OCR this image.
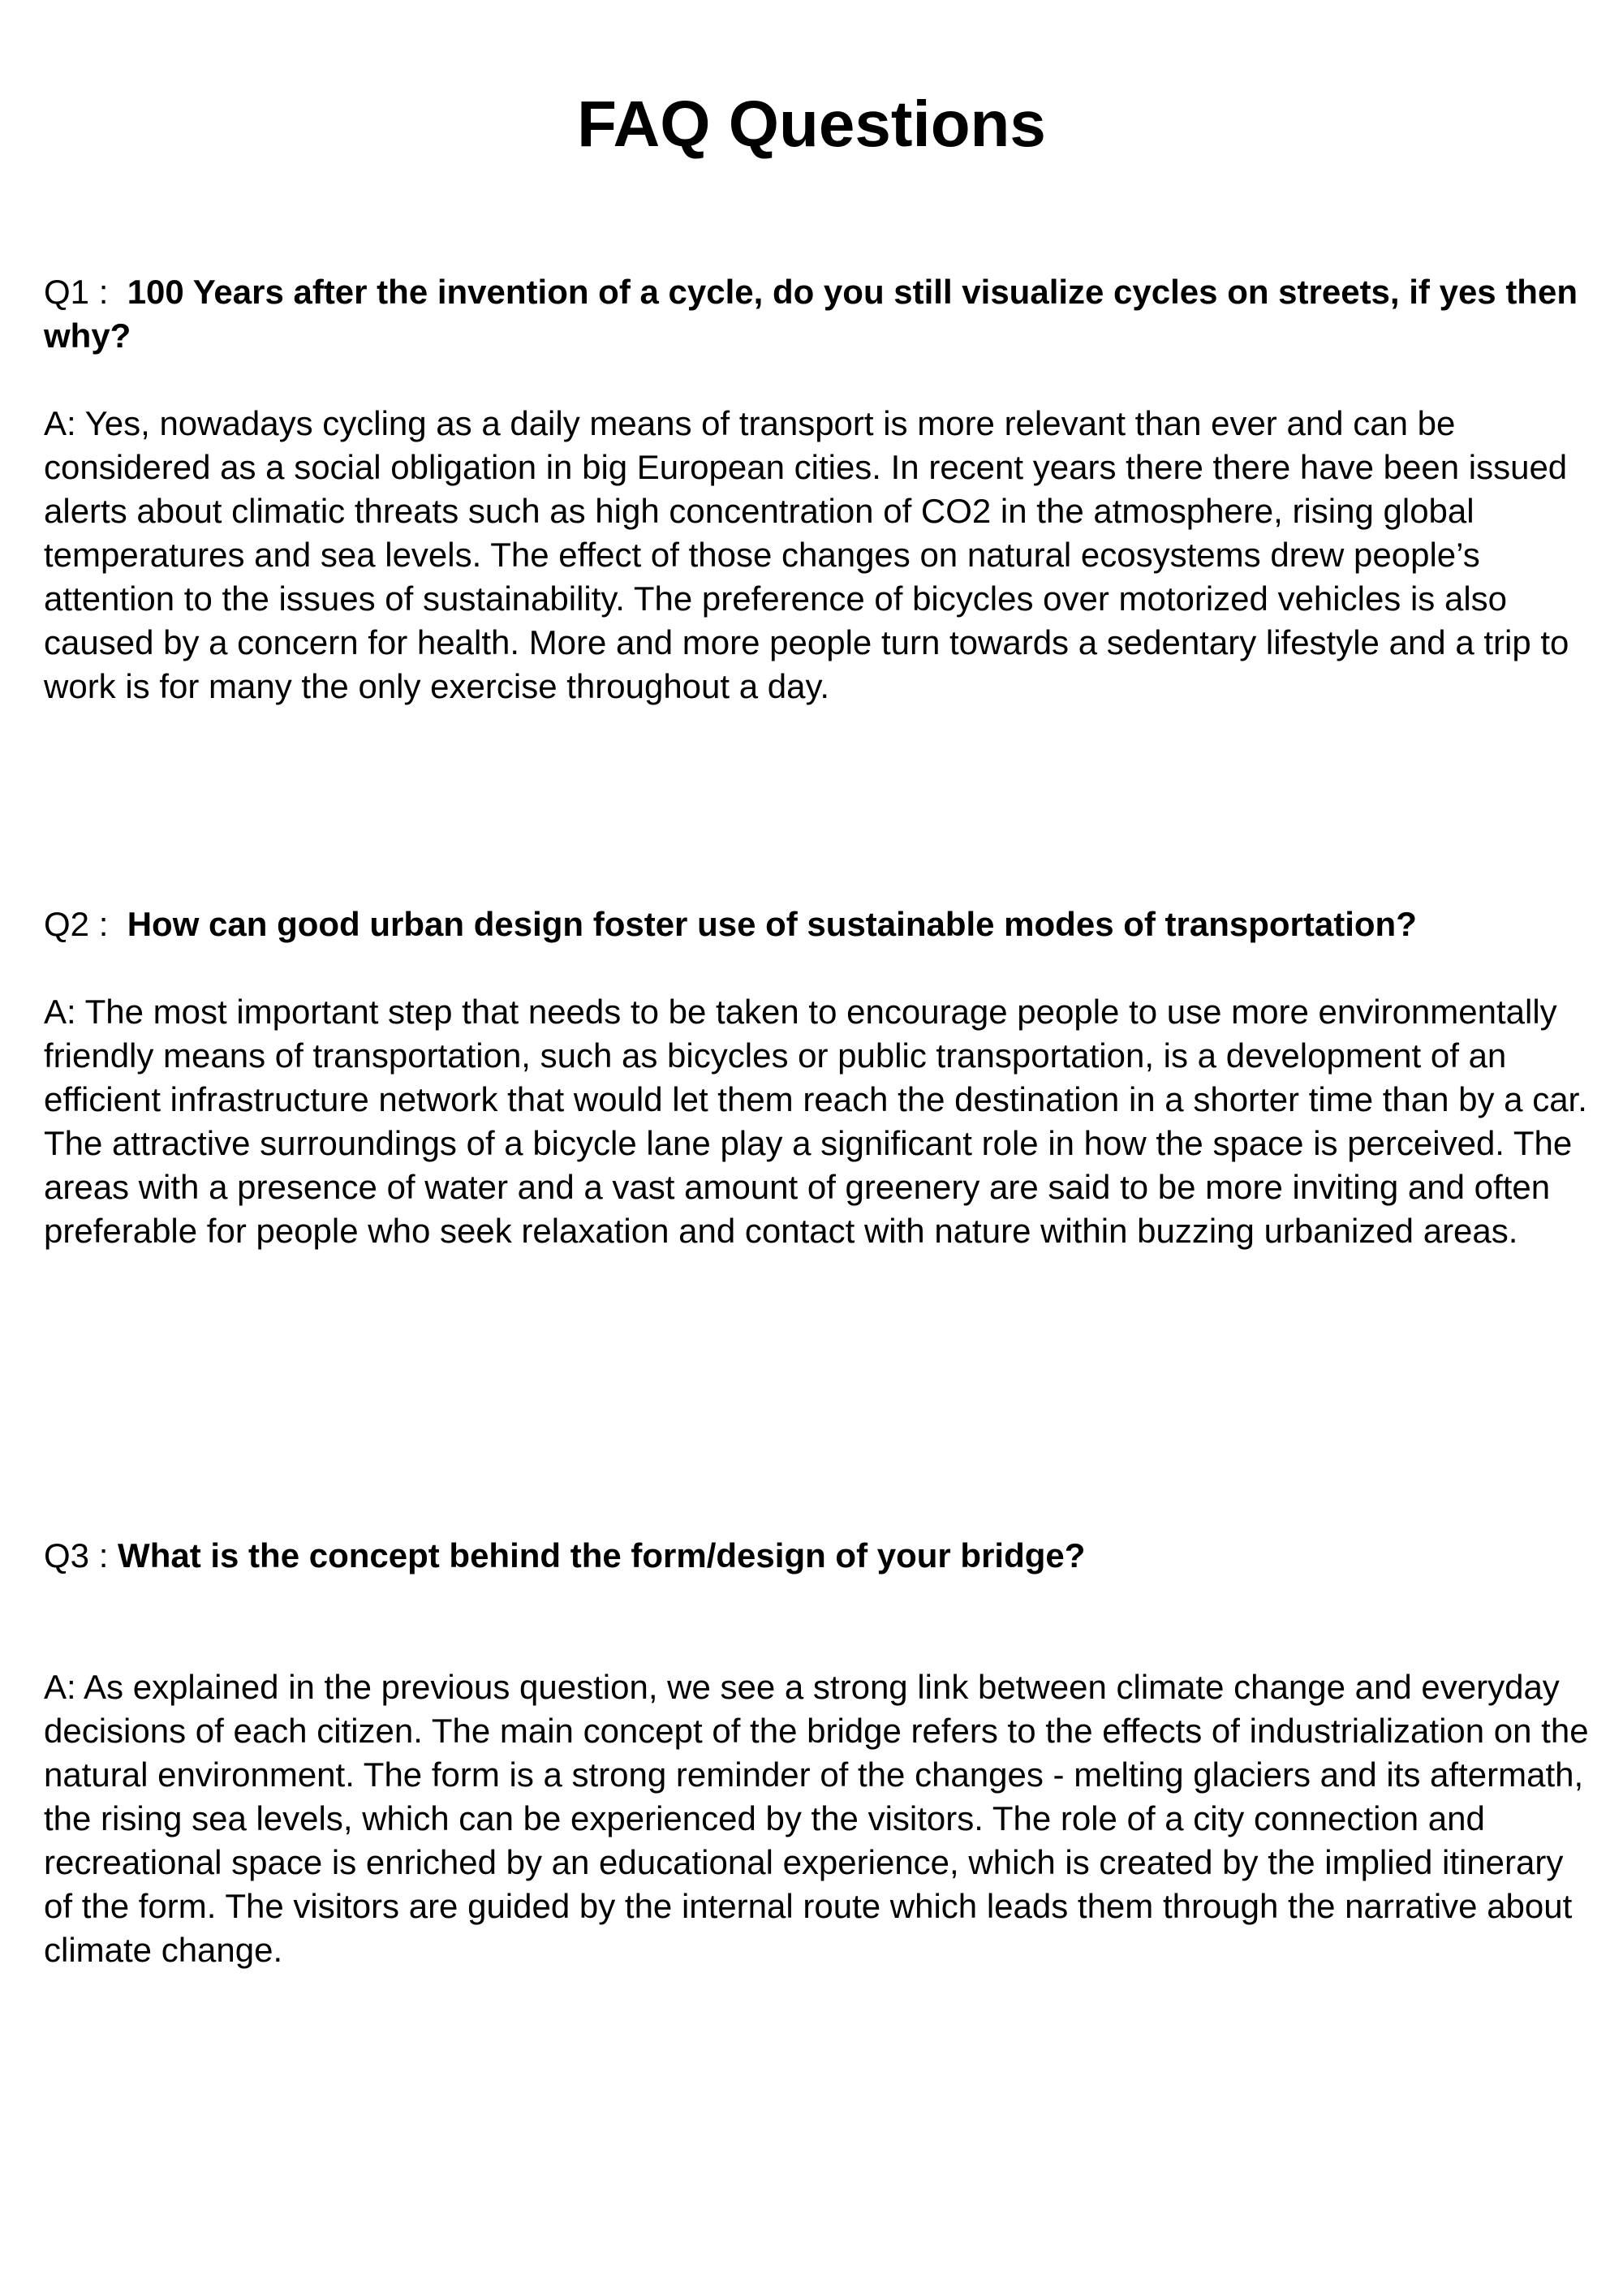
FAQ Questions

Q1 :  100 Years after the invention of a cycle, do you still visualize cycles on streets, if yes then why?

A: Yes, nowadays cycling as a daily means of transport is more relevant than ever and can be considered as a social obligation in big European cities. In recent years there there have been issued alerts about climatic threats such as high concentration of CO2 in the atmosphere, rising global temperatures and sea levels. The effect of those changes on natural ecosystems drew people’s attention to the issues of sustainability. The preference of bicycles over motorized vehicles is also caused by a concern for health. More and more people turn towards a sedentary lifestyle and a trip to work is for many the only exercise throughout a day.

Q2 :  How can good urban design foster use of sustainable modes of transportation?

A: The most important step that needs to be taken to encourage people to use more environmentally friendly means of transportation, such as bicycles or public transportation, is a development of an efficient infrastructure network that would let them reach the destination in a shorter time than by a car. The attractive surroundings of a bicycle lane play a significant role in how the space is perceived. The areas with a presence of water and a vast amount of greenery are said to be more inviting and often preferable for people who seek relaxation and contact with nature within buzzing urbanized areas.

Q3 : What is the concept behind the form/design of your bridge?

A: As explained in the previous question, we see a strong link between climate change and everyday decisions of each citizen. The main concept of the bridge refers to the effects of industrialization on the natural environment. The form is a strong reminder of the changes - melting glaciers and its aftermath, the rising sea levels, which can be experienced by the visitors. The role of a city connection and recreational space is enriched by an educational experience, which is created by the implied itinerary of the form. The visitors are guided by the internal route which leads them through the narrative about climate change.
